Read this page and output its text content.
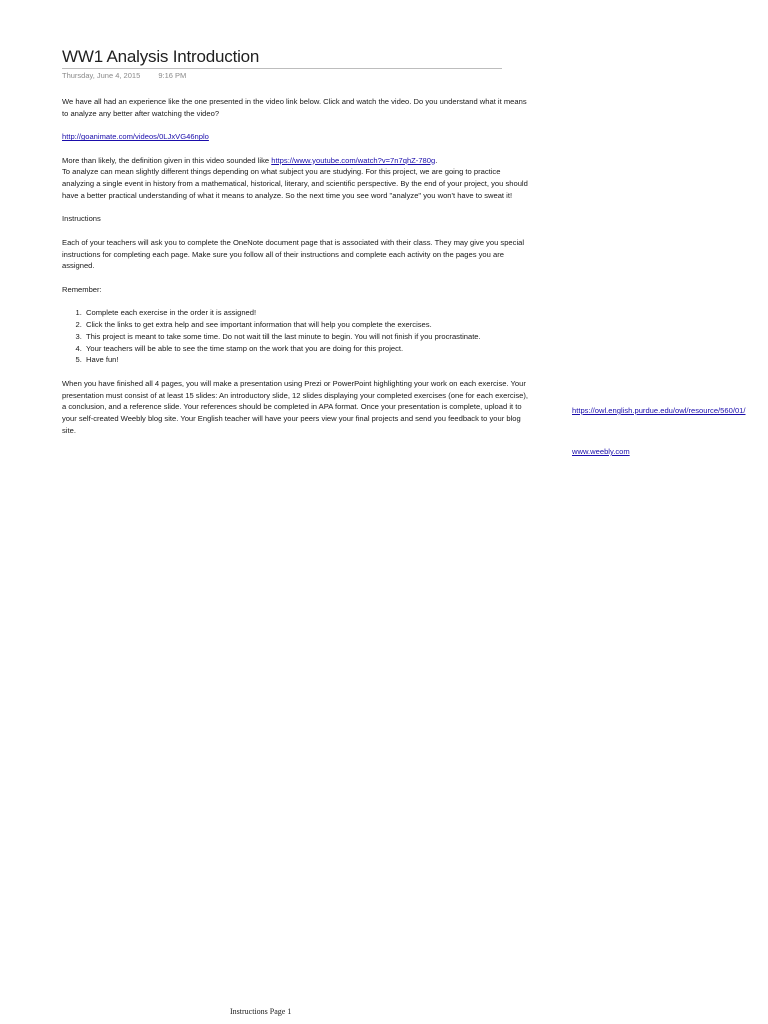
WW1 Analysis Introduction
Thursday, June 4, 2015 9:16 PM

We have all had an experience like the one presented in the video link below. Click and watch the video. Do you understand what it means to analyze any better after watching the video?

http://goanimate.com/videos/0LJxVG46nplo

More than likely, the definition given in this video sounded like https://www.youtube.com/watch?v=7n7qhZ-780g.

To analyze can mean slightly different things depending on what subject you are studying. For this project, we are going to practice analyzing a single event in history from a mathematical, historical, literary, and scientific perspective. By the end of your project, you should have a better practical understanding of what it means to analyze. So the next time you see word "analyze" you won't have to sweat it!

Instructions

Each of your teachers will ask you to complete the OneNote document page that is associated with their class. They may give you special instructions for completing each page. Make sure you follow all of their instructions and complete each activity on the pages you are assigned.

Remember:

1. Complete each exercise in the order it is assigned!
2. Click the links to get extra help and see important information that will help you complete the exercises.
3. This project is meant to take some time. Do not wait till the last minute to begin. You will not finish if you procrastinate.
4. Your teachers will be able to see the time stamp on the work that you are doing for this project.
5. Have fun!

When you have finished all 4 pages, you will make a presentation using Prezi or PowerPoint highlighting your work on each exercise. Your presentation must consist of at least 15 slides: An introductory slide, 12 slides displaying your completed exercises (one for each exercise), a conclusion, and a reference slide. Your references should be completed in APA format. Once your presentation is complete, upload it to your self-created Weebly blog site. Your English teacher will have your peers view your final projects and send you feedback to your blog site.

https://owl.english.purdue.edu/owl/resource/560/01/
www.weebly.com
Instructions Page 1
